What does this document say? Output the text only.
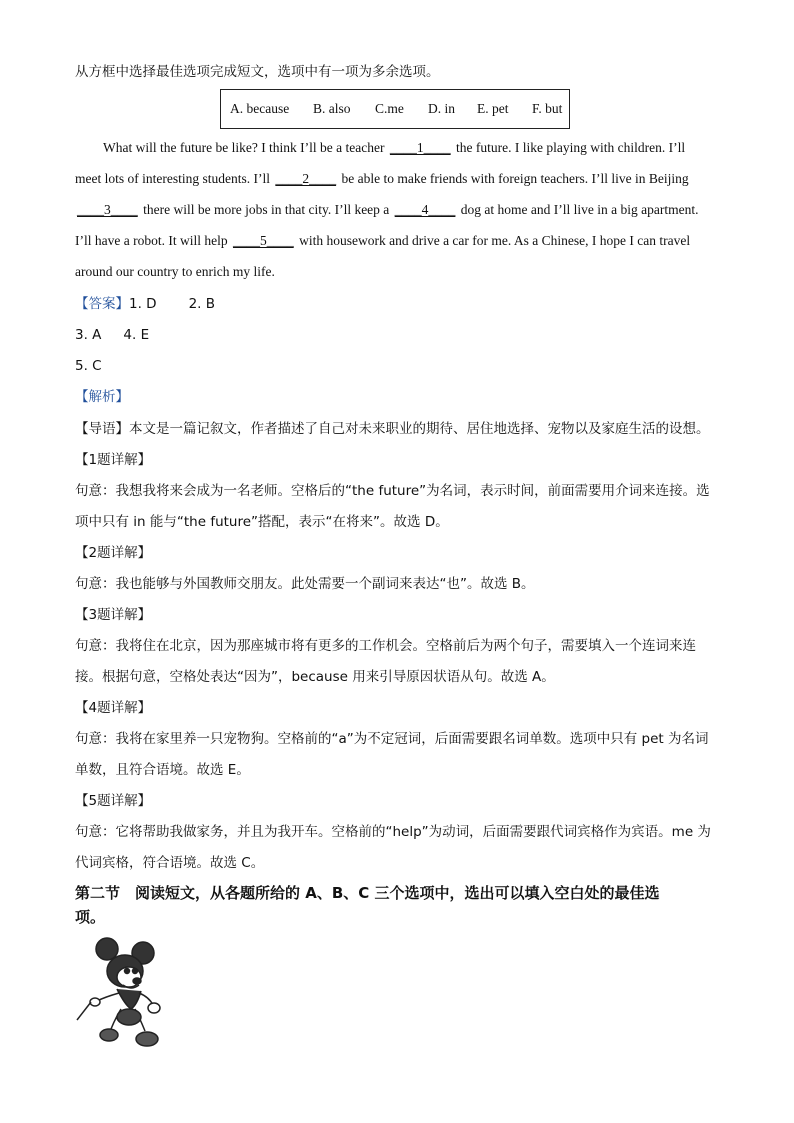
从方框中选择最佳选项完成短文，选项中有一项为多余选项。
A. because B. also C.me D. in E. pet F. but
What will the future be like? I think I’ll be a teacher ____1____ the future. I like playing with children. I’ll
meet lots of interesting students. I’ll ____2____ be able to make friends with foreign teachers. I’ll live in Beijing
____3____ there will be more jobs in that city. I’ll keep a ____4____ dog at home and I’ll live in a big apartment.
I’ll have a robot. It will help ____5____ with housework and drive a car for me. As a Chinese, I hope I can travel
around our country to enrich my life.
【答案】1. D 2. B
3. A 4. E
5. C
【解析】
【导语】本文是一篇记叙文，作者描述了自己对未来职业的期待、居住地选择、宠物以及家庭生活的设想。
【1题详解】
句意：我想我将来会成为一名老师。空格后的“the future”为名词，表示时间，前面需要用介词来连接。选
项中只有 in 能与“the future”搭配，表示“在将来”。故选 D。
【2题详解】
句意：我也能够与外国教师交朋友。此处需要一个副词来表达“也”。故选 B。
【3题详解】
句意：我将住在北京，因为那座城市将有更多的工作机会。空格前后为两个句子，需要填入一个连词来连
接。根据句意，空格处表达“因为”，because 用来引导原因状语从句。故选 A。
【4题详解】
句意：我将在家里养一只宠物狗。空格前的“a”为不定冠词，后面需要跟名词单数。选项中只有 pet 为名词
单数，且符合语境。故选 E。
【5题详解】
句意：它将帮助我做家务，并且为我开车。空格前的“help”为动词，后面需要跟代词宾格作为宾语。me 为
代词宾格，符合语境。故选 C。
第二节　阅读短文，从各题所给的 A、B、C 三个选项中，选出可以填入空白处的最佳选
项。
